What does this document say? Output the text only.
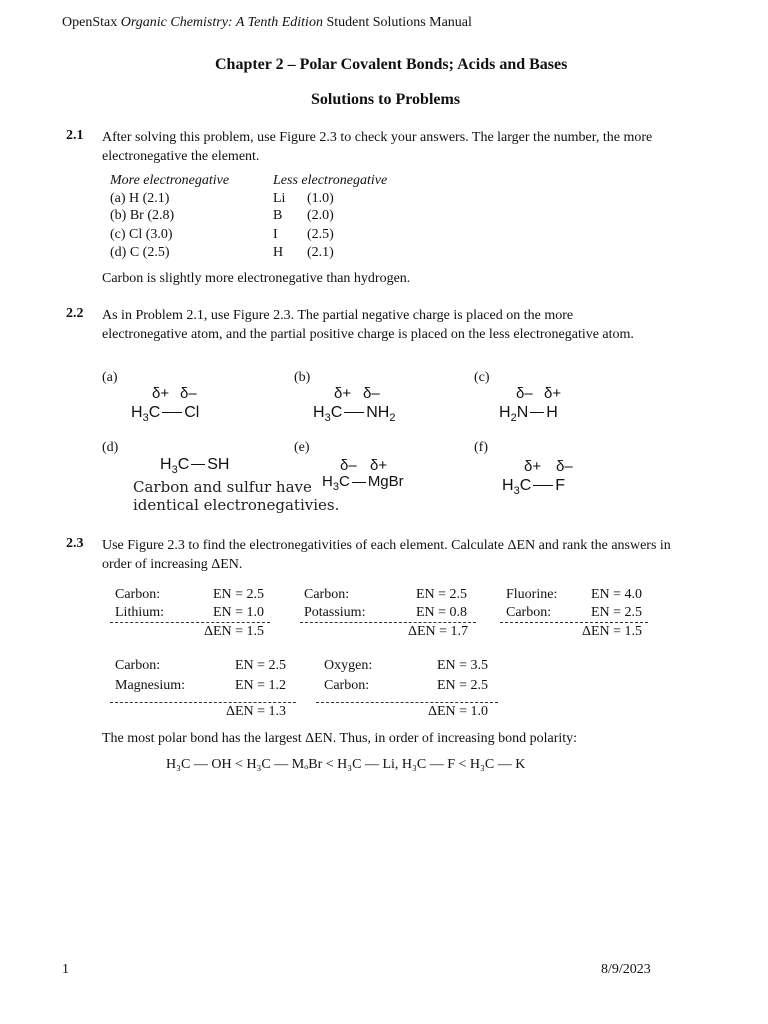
OpenStax Organic Chemistry: A Tenth Edition Student Solutions Manual
Chapter 2 – Polar Covalent Bonds; Acids and Bases
Solutions to Problems
2.1 After solving this problem, use Figure 2.3 to check your answers. The larger the number, the more electronegative the element.
More electronegative	Less electronegative
(a) H (2.1)	Li (1.0)
(b) Br (2.8)	B (2.0)
(c) Cl (3.0)	I (2.5)
(d) C (2.5)	H (2.1)
Carbon is slightly more electronegative than hydrogen.
2.2 As in Problem 2.1, use Figure 2.3. The partial negative charge is placed on the more electronegative atom, and the partial positive charge is placed on the less electronegative atom.
(a)
δ+ δ–
$H_3C$ Cl
(b)
δ+ δ–
$H_3C$ $NH_2$
(c)
δ– δ+
$H_2N$ H
(d)
$H_3C$ SH
Carbon and sulfur have
identical electronegativies.
(e)
δ– δ+
$H_3C$ MgBr
(f)
δ+ δ–
$H_3C$ F
2.3 Use Figure 2.3 to find the electronegativities of each element. Calculate ΔEN and rank the answers in order of increasing ΔEN.
Carbon:	EN = 2.5
Lithium:	EN = 1.0
ΔEN = 1.5
Carbon:	EN = 2.5
Potassium:	EN = 0.8
ΔEN = 1.7
Fluorine: EN = 4.0
Carbon:	EN = 2.5
ΔEN = 1.5
Carbon:	EN = 2.5
Magnesium:	EN = 1.2
ΔEN = 1.3
Oxygen:	EN = 3.5
Carbon:	EN = 2.5
ΔEN = 1.0
The most polar bond has the largest ΔEN. Thus, in order of increasing bond polarity:
H₃C — OH < H₃C — MₒBr < H₃C — Li, H₃C — F < H₃C — K
1	8/9/2023
